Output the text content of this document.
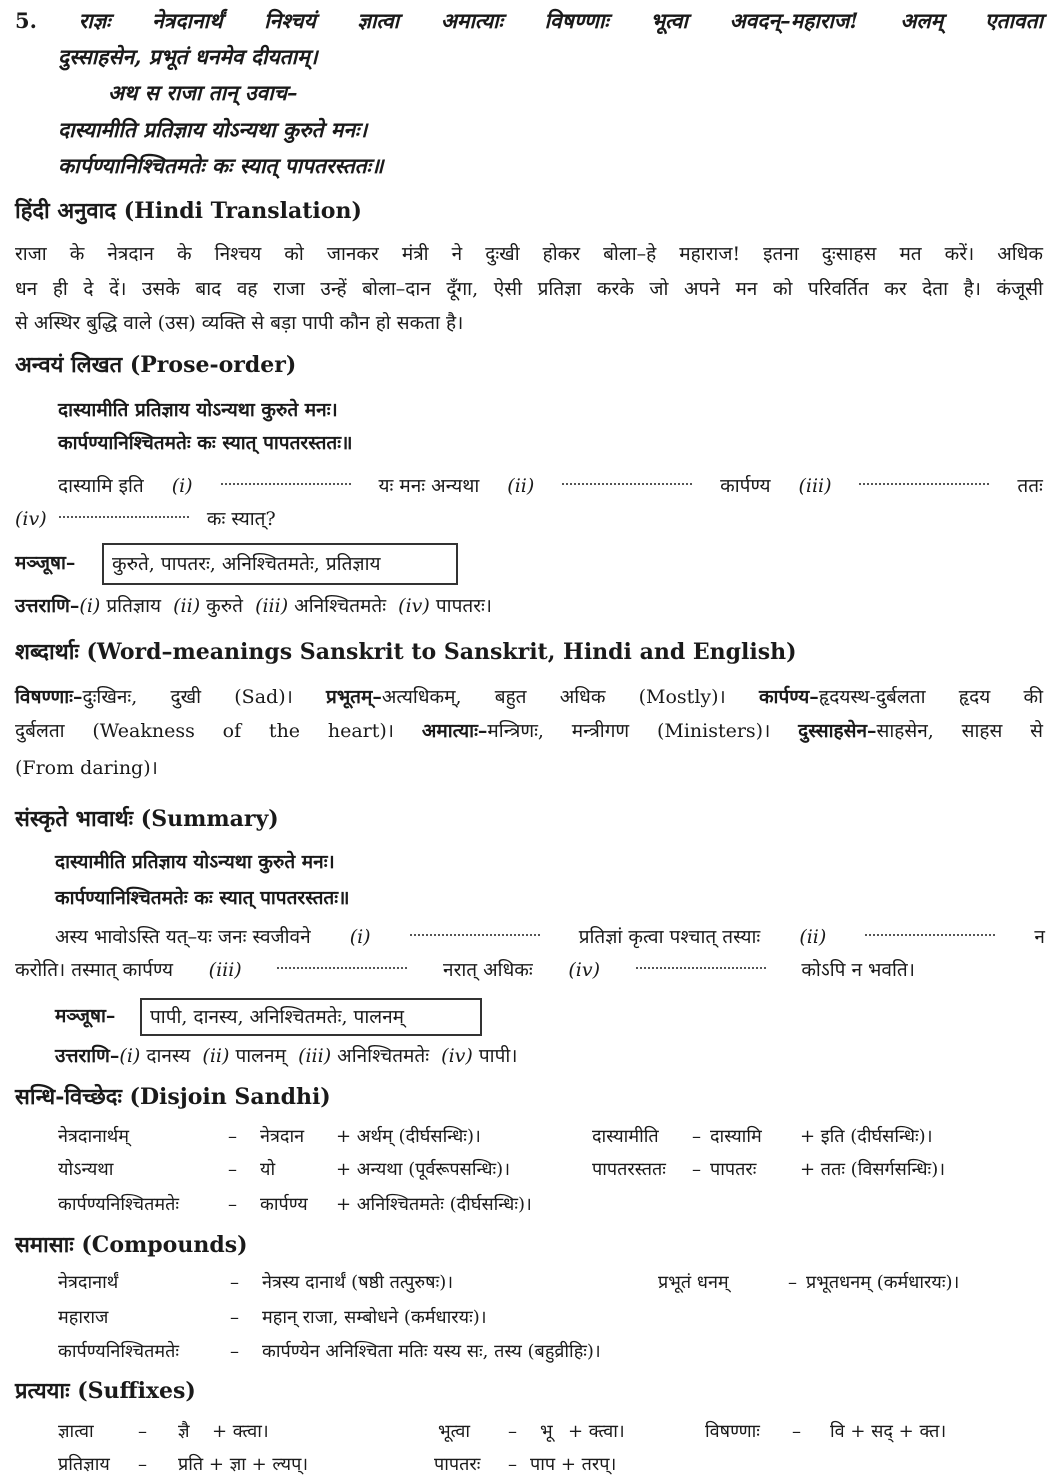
5. राज्ञः नेत्रदानार्थं निश्चयं ज्ञात्वा अमात्याः विषण्णाः भूत्वा अवदन्–महाराज! अलम् एतावता
दुस्साहसेन, प्रभूतं धनमेव दीयताम्।
अथ स राजा तान् उवाच–
दास्यामीति प्रतिज्ञाय योऽन्यथा कुरुते मनः।
कार्पण्यानिश्चितमतेः कः स्यात् पापतरस्ततः॥
हिंदी अनुवाद (Hindi Translation)
राजा के नेत्रदान के निश्चय को जानकर मंत्री ने दुःखी होकर बोला–हे महाराज! इतना दुःसाहस मत करें। अधिक
धन ही दे दें। उसके बाद वह राजा उन्हें बोला–दान दूँगा, ऐसी प्रतिज्ञा करके जो अपने मन को परिवर्तित कर देता है। कंजूसी
से अस्थिर बुद्धि वाले (उस) व्यक्ति से बड़ा पापी कौन हो सकता है।
अन्वयं लिखत (Prose-order)
दास्यामीति प्रतिज्ञाय योऽन्यथा कुरुते मनः।
कार्पण्यानिश्चितमतेः कः स्यात् पापतरस्ततः॥
दास्यामि इति (i)	यः मनः अन्यथा (ii)	कार्पण्य (iii)	ततः
(iv)	कः स्यात्?
मञ्जूषा– कुरुते, पापतरः, अनिश्चितमतेः, प्रतिज्ञाय
उत्तराणि–(i) प्रतिज्ञाय (ii) कुरुते (iii) अनिश्चितमतेः (iv) पापतरः।
शब्दार्थाः (Word–meanings Sanskrit to Sanskrit, Hindi and English)
विषण्णाः–दुःखिनः, दुखी (Sad)। प्रभूतम्–अत्यधिकम्, बहुत अधिक (Mostly)। कार्पण्य–हृदयस्थ-दुर्बलता हृदय की
दुर्बलता (Weakness of the heart)। अमात्याः–मन्त्रिणः, मन्त्रीगण (Ministers)। दुस्साहसेन–साहसेन, साहस से
(From daring)।
संस्कृते भावार्थः (Summary)
दास्यामीति प्रतिज्ञाय योऽन्यथा कुरुते मनः।
कार्पण्यानिश्चितमतेः कः स्यात् पापतरस्ततः॥
अस्य भावोऽस्ति यत्–यः जनः स्वजीवने (i)	प्रतिज्ञां कृत्वा पश्चात् तस्याः (ii)	न
करोति। तस्मात् कार्पण्य (iii)	नरात् अधिकः (iv)	कोऽपि न भवति।
मञ्जूषा– पापी, दानस्य, अनिश्चितमतेः, पालनम्
उत्तराणि–(i) दानस्य (ii) पालनम् (iii) अनिश्चितमतेः (iv) पापी।
सन्धि-विच्छेदः (Disjoin Sandhi)
नेत्रदानार्थम्	– नेत्रदान + अर्थम् (दीर्घसन्धिः)।	दास्यामीति – दास्यामि + इति (दीर्घसन्धिः)।
योऽन्यथा	– यो	+ अन्यथा (पूर्वरूपसन्धिः)।	पापतरस्ततः – पापतरः + ततः (विसर्गसन्धिः)।
कार्पण्यनिश्चितमतेः	– कार्पण्य + अनिश्चितमतेः (दीर्घसन्धिः)।
समासाः (Compounds)
नेत्रदानार्थं	– नेत्रस्य दानार्थं (षष्ठी तत्पुरुषः)।	प्रभूतं धनम्	– प्रभूतधनम् (कर्मधारयः)।
महाराज	– महान् राजा, सम्बोधने (कर्मधारयः)।
कार्पण्यनिश्चितमतेः	– कार्पण्येन अनिश्चिता मतिः यस्य सः, तस्य (बहुव्रीहिः)।
प्रत्ययाः (Suffixes)
ज्ञात्वा – ज्ञै + क्त्वा।	भूत्वा – भू + क्त्वा।	विषण्णाः – वि + सद् + क्त।
प्रतिज्ञाय – प्रति + ज्ञा + ल्यप्।	पापतरः – पाप + तरप्।
